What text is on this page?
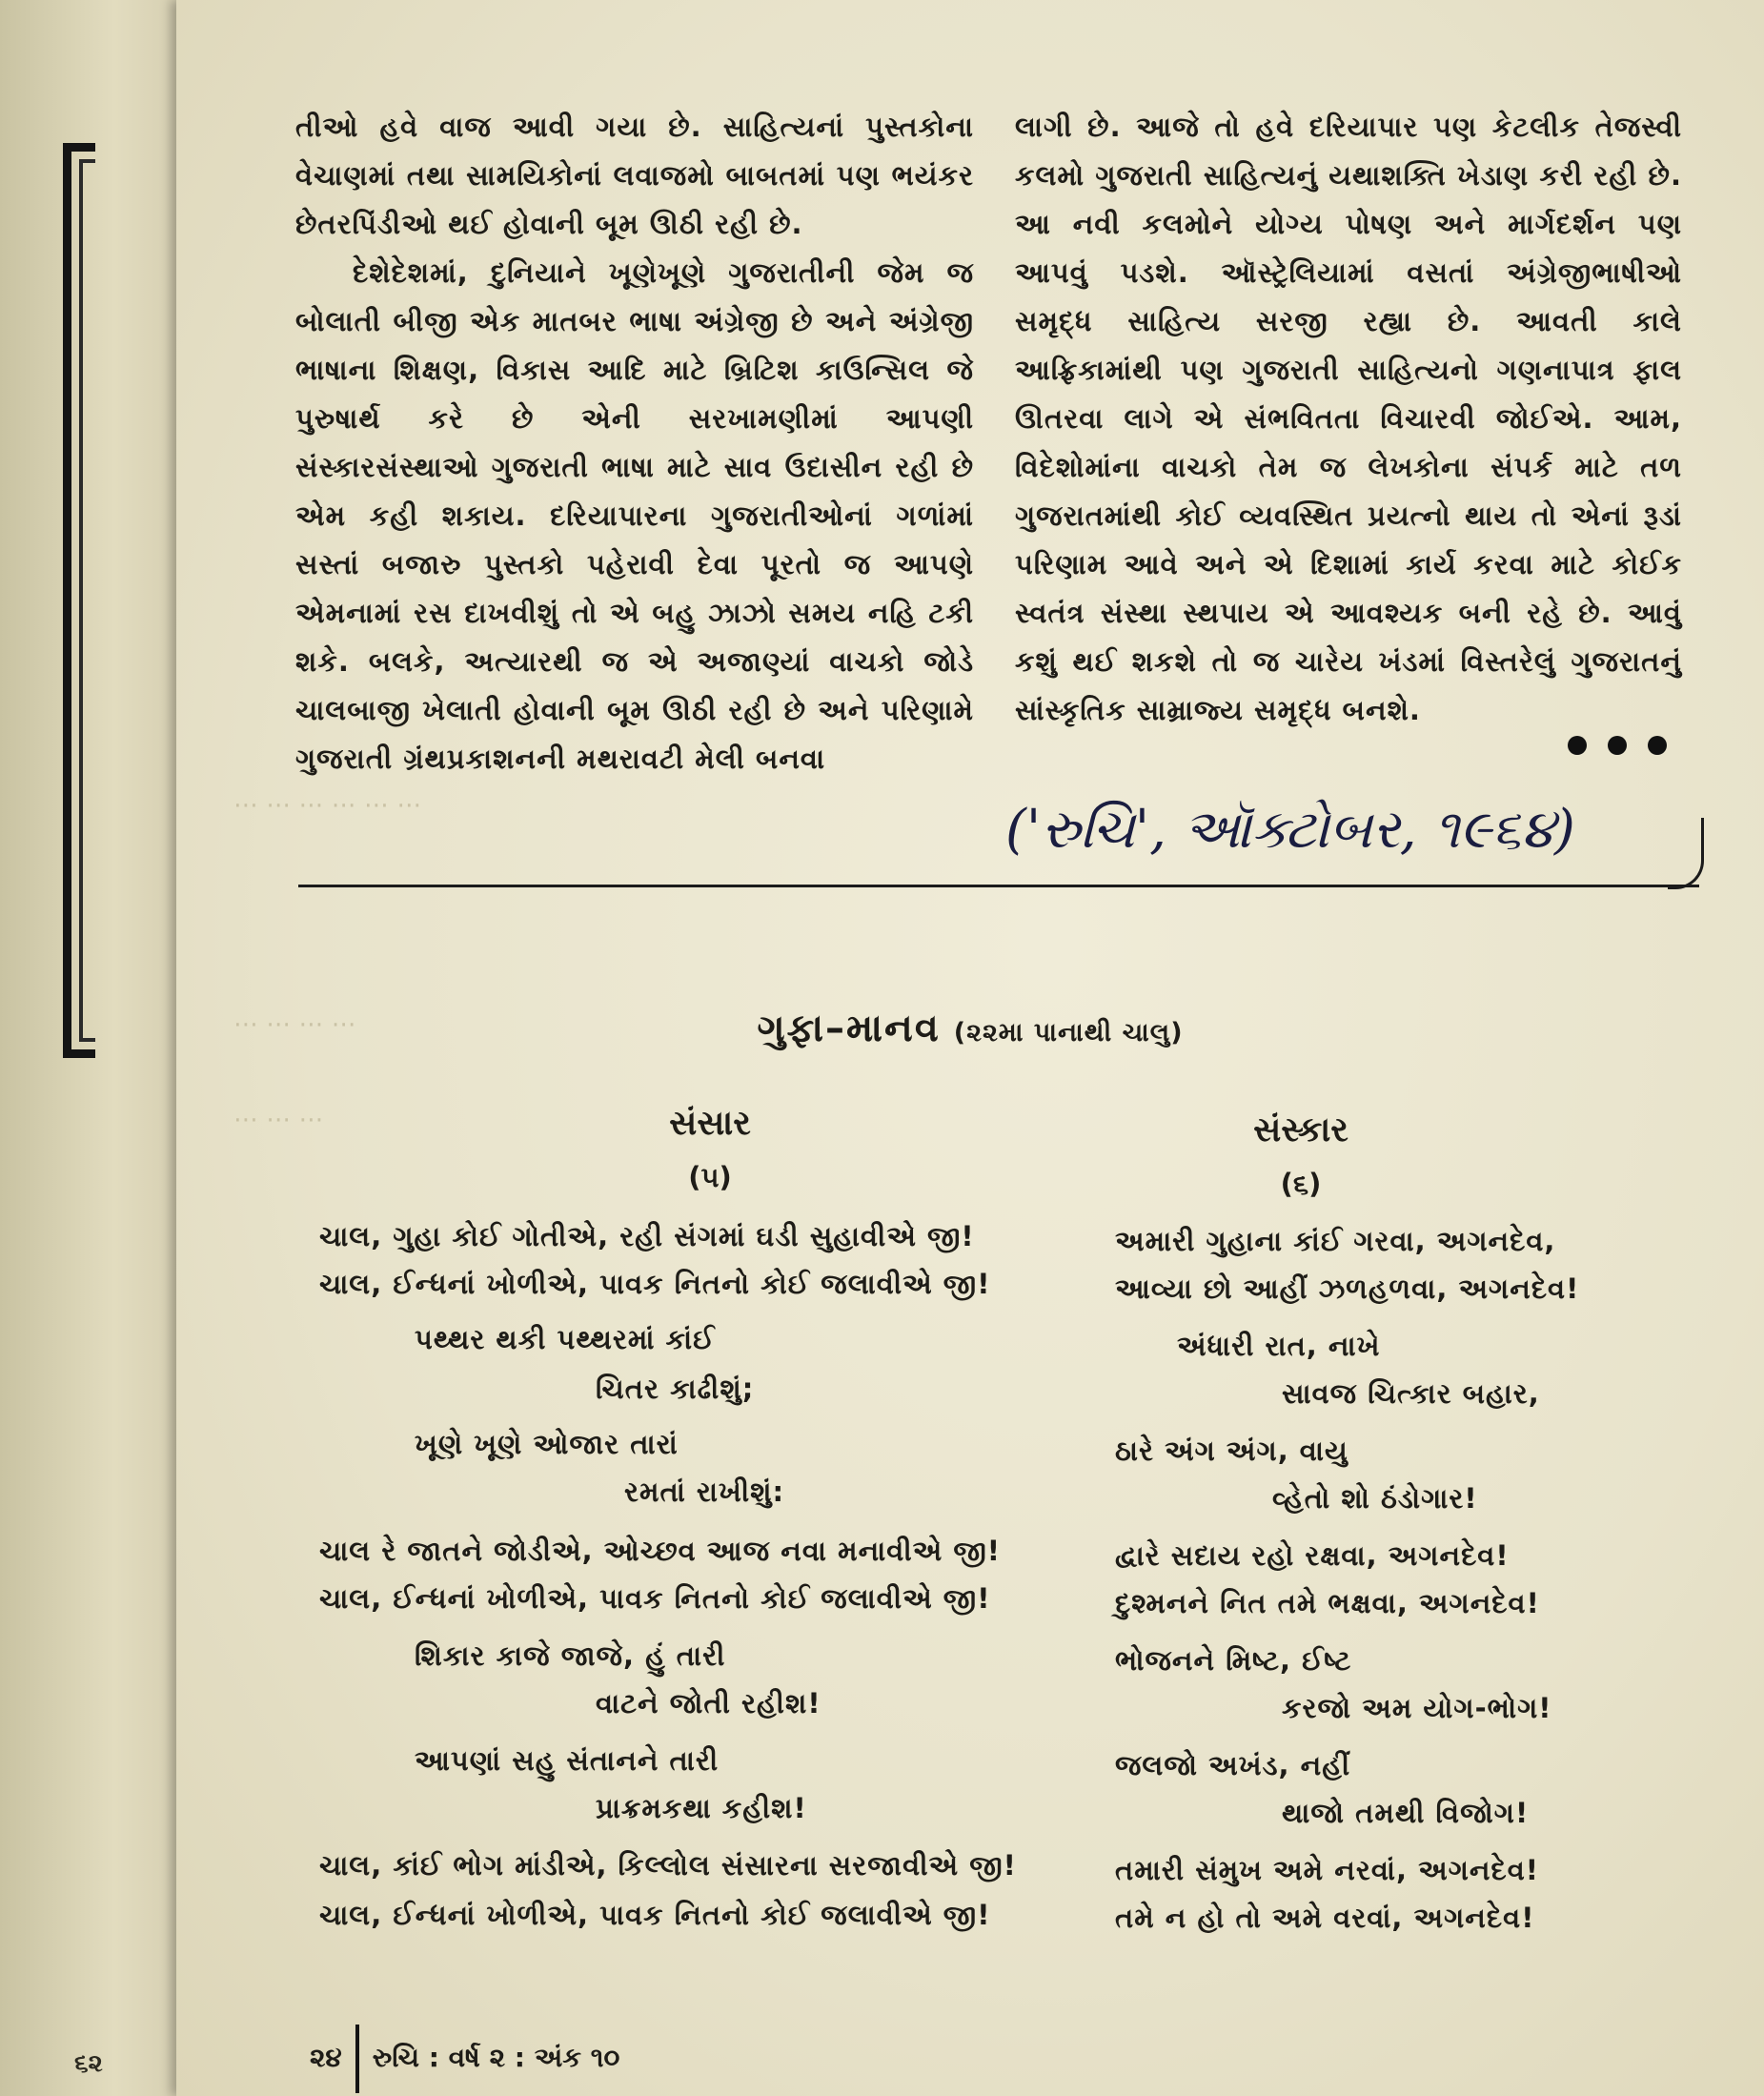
૬૨
⋯ ⋯ ⋯ ⋯ ⋯ ⋯
⋯ ⋯ ⋯ ⋯
⋯ ⋯ ⋯

તીઓ હવે વાજ આવી ગયા છે. સાહિત્યનાં પુસ્તકોના વેચાણમાં તથા સામયિકોનાં લવાજમો બાબતમાં પણ ભયંકર છેતરપિંડીઓ થઈ હોવાની બૂમ ઊઠી રહી છે.

દેશેદેશમાં, દુનિયાને ખૂણેખૂણે ગુજરાતીની જેમ જ બોલાતી બીજી એક માતબર ભાષા અંગ્રેજી છે અને અંગ્રેજી ભાષાના શિક્ષણ, વિકાસ આદિ માટે બ્રિટિશ કાઉન્સિલ જે પુરુષાર્થ કરે છે એની સરખામણીમાં આપણી સંસ્કારસંસ્થાઓ ગુજરાતી ભાષા માટે સાવ ઉદાસીન રહી છે એમ કહી શકાય. દરિયાપારના ગુજરાતીઓનાં ગળાંમાં સસ્તાં બજારુ પુસ્તકો પહેરાવી દેવા પૂરતો જ આપણે એમનામાં રસ દાખવીશું તો એ બહુ ઝાઝો સમય નહિ ટકી શકે. બલકે, અત્યારથી જ એ અજાણ્યાં વાચકો જોડે ચાલબાજી ખેલાતી હોવાની બૂમ ઊઠી રહી છે અને પરિણામે ગુજરાતી ગ્રંથપ્રકાશનની મથરાવટી મેલી બનવા

લાગી છે. આજે તો હવે દરિયાપાર પણ કેટલીક તેજસ્વી કલમો ગુજરાતી સાહિત્યનું યથાશક્તિ ખેડાણ કરી રહી છે. આ નવી કલમોને યોગ્ય પોષણ અને માર્ગદર્શન પણ આપવું પડશે. ઑસ્ટ્રેલિયામાં વસતાં અંગ્રેજીભાષીઓ સમૃદ્ધ સાહિત્ય સરજી રહ્યા છે. આવતી કાલે આફ્રિકામાંથી પણ ગુજરાતી સાહિત્યનો ગણનાપાત્ર ફાલ ઊતરવા લાગે એ સંભવિતતા વિચારવી જોઈએ. આમ, વિદેશોમાંના વાચકો તેમ જ લેખકોના સંપર્ક માટે તળ ગુજરાતમાંથી કોઈ વ્યવસ્થિત પ્રયત્નો થાય તો એનાં રૂડાં પરિણામ આવે અને એ દિશામાં કાર્ય કરવા માટે કોઈક સ્વતંત્ર સંસ્થા સ્થપાય એ આવશ્યક બની રહે છે. આવું કશું થઈ શકશે તો જ ચારેય ખંડમાં વિસ્તરેલું ગુજરાતનું સાંસ્કૃતિક સામ્રાજ્ય સમૃદ્ધ બનશે.

('રુચિ', ઑક્ટોબર, ૧૯૬૪)
ગુફા–માનવ (૨૨મા પાનાથી ચાલુ)
સંસાર
(૫)
ચાલ, ગુહા કોઈ ગોતીએ, રહી સંગમાં ઘડી સુહાવીએ જી!
ચાલ, ઈન્ધનાં ખોળીએ, પાવક નિતનો કોઈ જલાવીએ જી!
પથ્થર થકી પથ્થરમાં કાંઈ
ચિતર કાઢીશું;
ખૂણે ખૂણે ઓજાર તારાં
રમતાં રાખીશું:
ચાલ રે જાતને જોડીએ, ઓચ્છવ આજ નવા મનાવીએ જી!
ચાલ, ઈન્ધનાં ખોળીએ, પાવક નિતનો કોઈ જલાવીએ જી!
શિકાર કાજે જાજે, હું તારી
વાટને જોતી રહીશ!
આપણાં સહુ સંતાનને તારી
પ્રાક્રમકથા કહીશ!
ચાલ, કાંઈ ભોગ માંડીએ, કિલ્લોલ સંસારના સરજાવીએ જી!
ચાલ, ઈન્ધનાં ખોળીએ, પાવક નિતનો કોઈ જલાવીએ જી!
સંસ્કાર
(૬)
અમારી ગુહાના કાંઈ ગરવા, અગનદેવ,
આવ્યા છો આહીં ઝળહળવા, અગનદેવ!
અંધારી રાત, નાખે
સાવજ ચિત્કાર બહાર,
ઠારે અંગ અંગ, વાયુ
વ્હેતો શો ઠંડોગાર!
દ્વારે સદાય રહો રક્ષવા, અગનદેવ!
દુશ્મનને નિત તમે ભક્ષવા, અગનદેવ!
ભોજનને મિષ્ટ, ઈષ્ટ
કરજો અમ યોગ-ભોગ!
જલજો અખંડ, નહીં
થાજો તમથી વિજોગ!
તમારી સંમુખ અમે નરવાં, અગનદેવ!
તમે ન હો તો અમે વરવાં, અગનદેવ!
૨૪ રુચિ : વર્ષ ૨ : અંક ૧૦
